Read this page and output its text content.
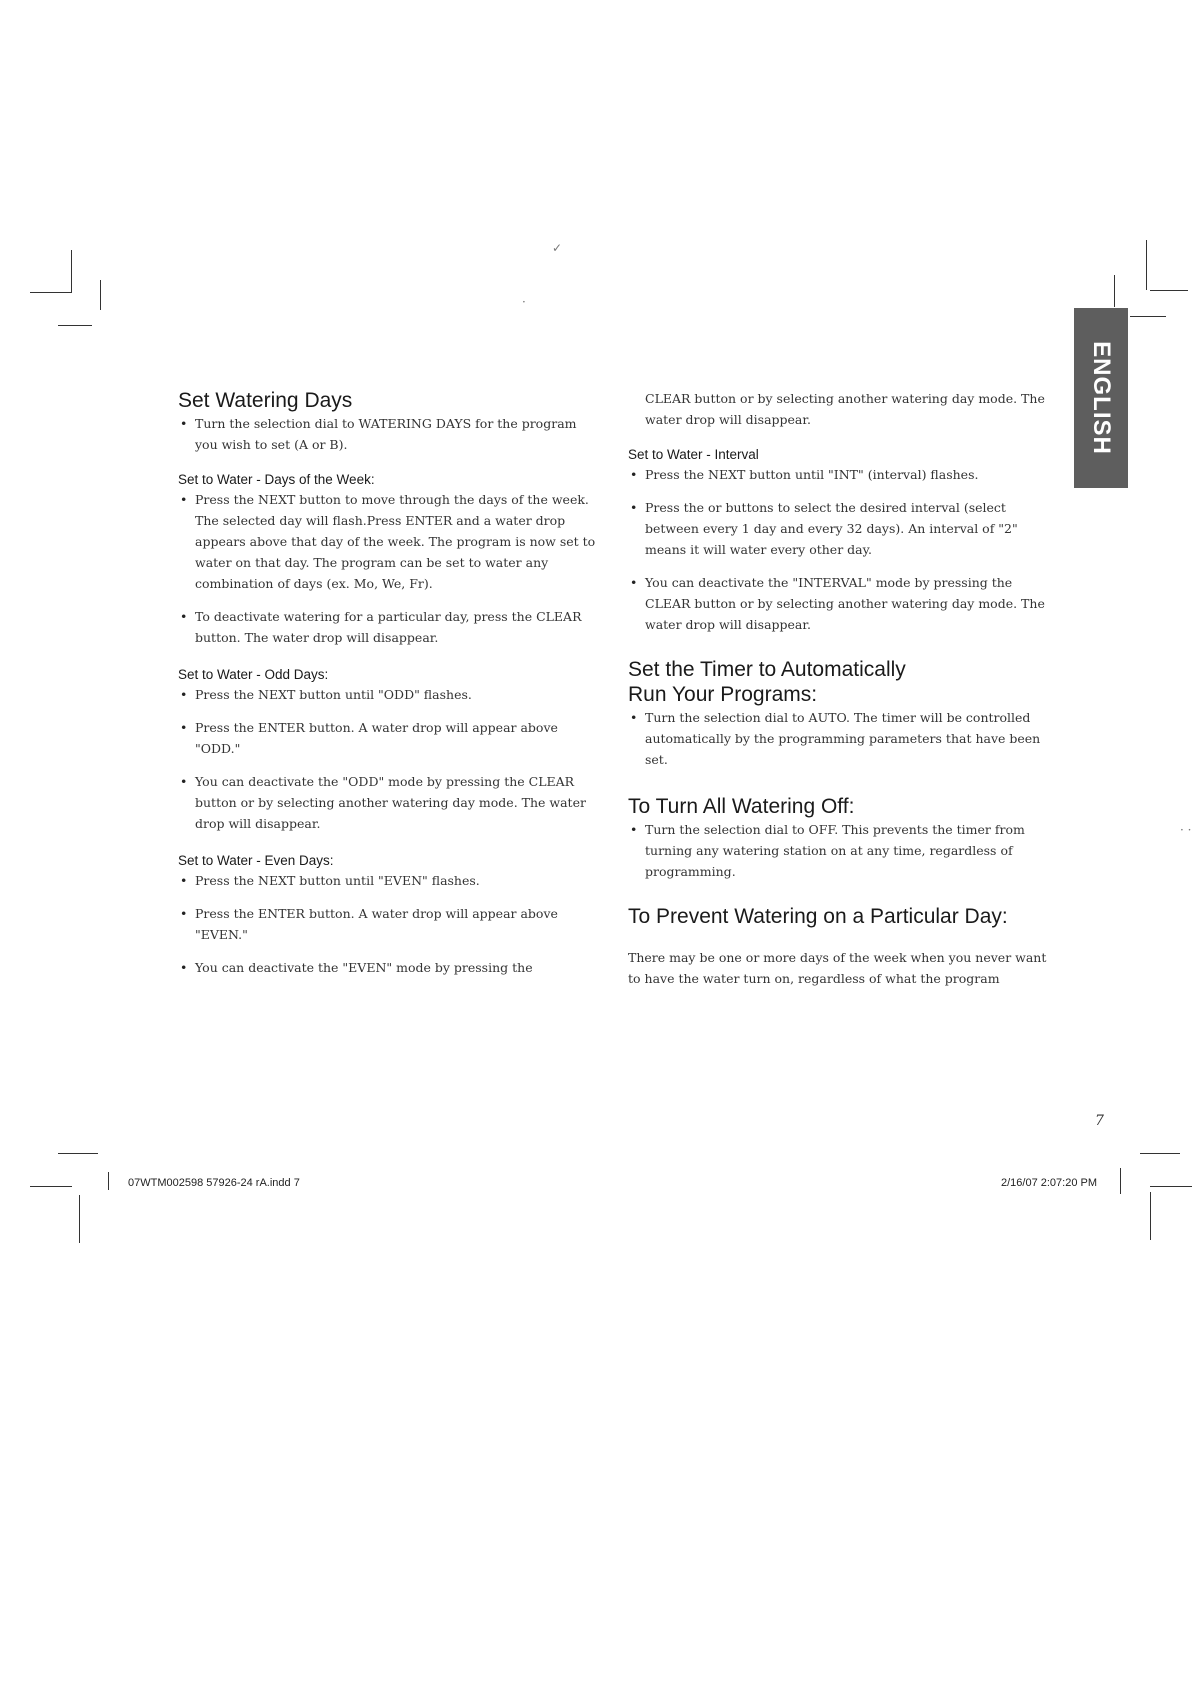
✓
·
· ·
ENGLISH
Set Watering Days
• Turn the selection dial to WATERING DAYS for the program you wish to set (A or B).
Set to Water - Days of the Week:
• Press the NEXT button to move through the days of the week. The selected day will flash.Press ENTER and a water drop appears above that day of the week. The program is now set to water on that day. The program can be set to water any combination of days (ex. Mo, We, Fr).
• To deactivate watering for a particular day, press the CLEAR button. The water drop will disappear.
Set to Water - Odd Days:
• Press the NEXT button until "ODD" flashes.
• Press the ENTER button. A water drop will appear above "ODD."
• You can deactivate the "ODD" mode by pressing the CLEAR button or by selecting another watering day mode. The water drop will disappear.
Set to Water - Even Days:
• Press the NEXT button until "EVEN" flashes.
• Press the ENTER button. A water drop will appear above "EVEN."
• You can deactivate the "EVEN" mode by pressing the

CLEAR button or by selecting another watering day mode. The water drop will disappear.

Set to Water - Interval
• Press the NEXT button until "INT" (interval) flashes.
• Press the or buttons to select the desired interval (select between every 1 day and every 32 days). An interval of "2" means it will water every other day.
• You can deactivate the "INTERVAL" mode by pressing the CLEAR button or by selecting another watering day mode. The water drop will disappear.
Set the Timer to Automatically
Run Your Programs:
• Turn the selection dial to AUTO. The timer will be controlled automatically by the programming parameters that have been set.
To Turn All Watering Off:
• Turn the selection dial to OFF. This prevents the timer from turning any watering station on at any time, regardless of programming.
To Prevent Watering on a Particular Day:

There may be one or more days of the week when you never want to have the water turn on, regardless of what the program

7
07WTM002598 57926-24 rA.indd 7	2/16/07 2:07:20 PM
